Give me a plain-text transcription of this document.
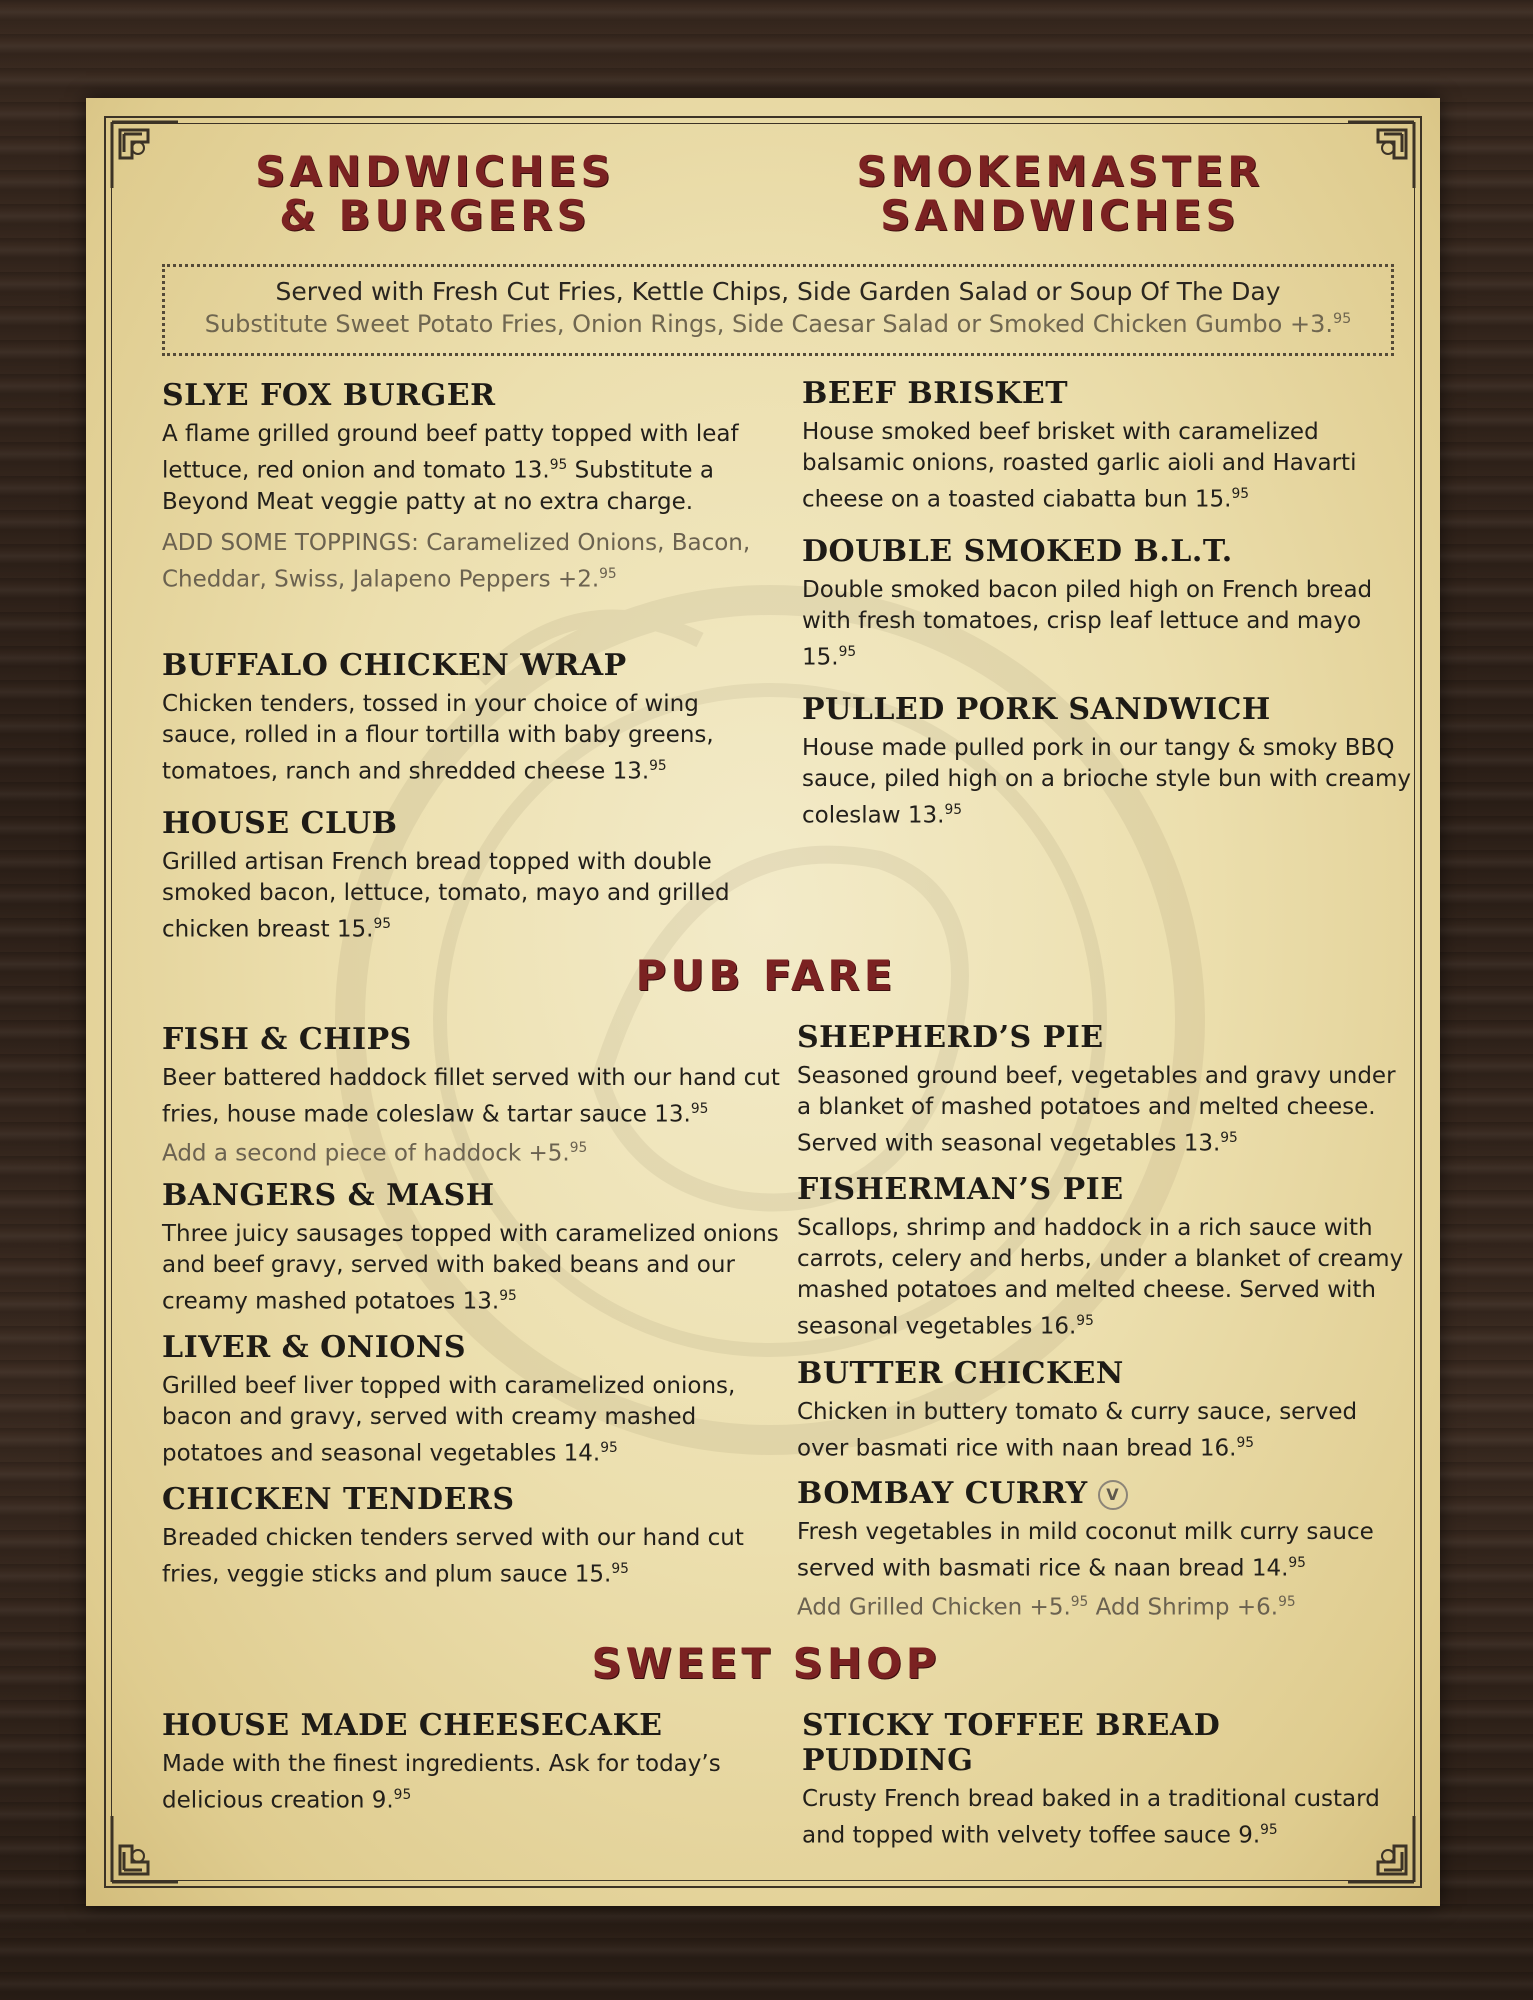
SANDWICHES
& BURGERS
SMOKEMASTER
SANDWICHES
Served with Fresh Cut Fries, Kettle Chips, Side Garden Salad or Soup Of The Day
Substitute Sweet Potato Fries, Onion Rings, Side Caesar Salad or Smoked Chicken Gumbo +3.95
SLYE FOX BURGER

A flame grilled ground beef patty topped with leaf lettuce, red onion and tomato 13.95 Substitute a Beyond Meat veggie patty at no extra charge.

ADD SOME TOPPINGS: Caramelized Onions, Bacon, Cheddar, Swiss, Jalapeno Peppers +2.95

BUFFALO CHICKEN WRAP

Chicken tenders, tossed in your choice of wing sauce, rolled in a flour tortilla with baby greens, tomatoes, ranch and shredded cheese 13.95

HOUSE CLUB

Grilled artisan French bread topped with double smoked bacon, lettuce, tomato, mayo and grilled chicken breast 15.95

BEEF BRISKET

House smoked beef brisket with caramelized balsamic onions, roasted garlic aioli and Havarti cheese on a toasted ciabatta bun 15.95

DOUBLE SMOKED B.L.T.

Double smoked bacon piled high on French bread with fresh tomatoes, crisp leaf lettuce and mayo 15.95

PULLED PORK SANDWICH

House made pulled pork in our tangy & smoky BBQ sauce, piled high on a brioche style bun with creamy coleslaw 13.95

PUB FARE
FISH & CHIPS

Beer battered haddock fillet served with our hand cut fries, house made coleslaw & tartar sauce 13.95

Add a second piece of haddock +5.95

BANGERS & MASH

Three juicy sausages topped with caramelized onions and beef gravy, served with baked beans and our creamy mashed potatoes 13.95

LIVER & ONIONS

Grilled beef liver topped with caramelized onions, bacon and gravy, served with creamy mashed potatoes and seasonal vegetables 14.95

CHICKEN TENDERS

Breaded chicken tenders served with our hand cut fries, veggie sticks and plum sauce 15.95

SHEPHERD’S PIE

Seasoned ground beef, vegetables and gravy under a blanket of mashed potatoes and melted cheese. Served with seasonal vegetables 13.95

FISHERMAN’S PIE

Scallops, shrimp and haddock in a rich sauce with carrots, celery and herbs, under a blanket of creamy mashed potatoes and melted cheese. Served with seasonal vegetables 16.95

BUTTER CHICKEN

Chicken in buttery tomato & curry sauce, served over basmati rice with naan bread 16.95

BOMBAY CURRY V

Fresh vegetables in mild coconut milk curry sauce served with basmati rice & naan bread 14.95

Add Grilled Chicken +5.95 Add Shrimp +6.95

SWEET SHOP
HOUSE MADE CHEESECAKE

Made with the finest ingredients. Ask for today’s delicious creation 9.95

STICKY TOFFEE BREAD PUDDING

Crusty French bread baked in a traditional custard and topped with velvety toffee sauce 9.95
